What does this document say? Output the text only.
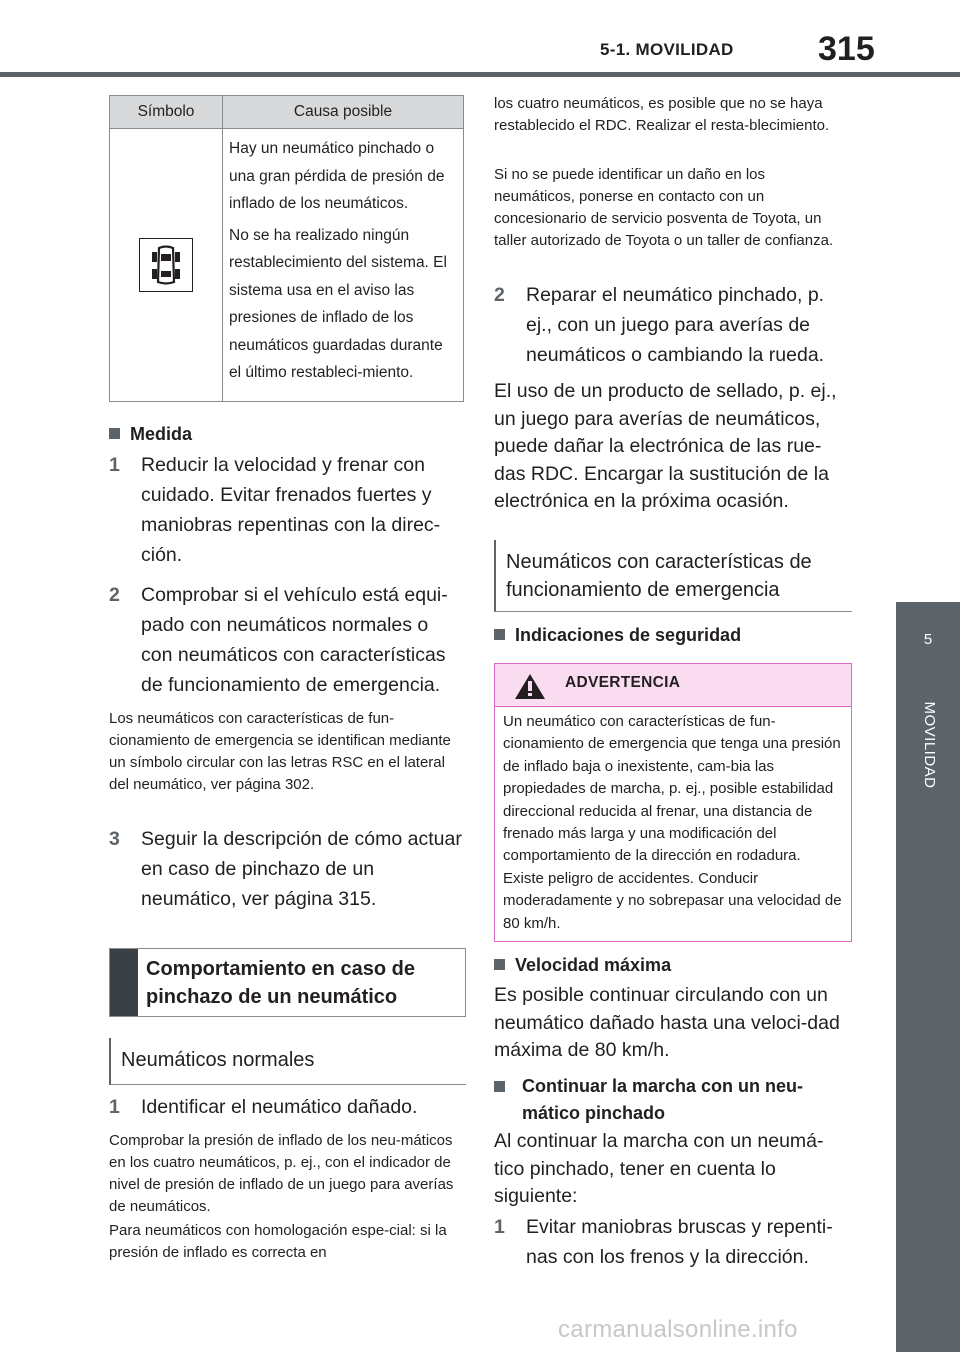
5-1. MOVILIDAD 315
5
MOVILIDAD
Símbolo	Causa posible

Hay un neumático pinchado o una gran pérdida de presión de inflado de los neumáticos.

No se ha realizado ningún restablecimiento del sistema. El sistema usa en el aviso las presiones de inflado de los neumáticos guardadas durante el último restableci-miento.

Medida
1 Reducir la velocidad y frenar con cuidado. Evitar frenados fuertes y maniobras repentinas con la direc-ción.
2 Comprobar si el vehículo está equi-pado con neumáticos normales o con neumáticos con características de funcionamiento de emergencia.
Los neumáticos con características de fun-cionamiento de emergencia se identifican mediante un símbolo circular con las letras RSC en el lateral del neumático, ver página 302.
3 Seguir la descripción de cómo actuar en caso de pinchazo de un neumático, ver página 315.
Comportamiento en caso de pinchazo de un neumático
Neumáticos normales
1 Identificar el neumático dañado.
Comprobar la presión de inflado de los neu-máticos en los cuatro neumáticos, p. ej., con el indicador de nivel de presión de inflado de un juego para averías de neumáticos.
Para neumáticos con homologación espe-cial: si la presión de inflado es correcta en
los cuatro neumáticos, es posible que no se haya restablecido el RDC. Realizar el resta-blecimiento.
Si no se puede identificar un daño en los neumáticos, ponerse en contacto con un concesionario de servicio posventa de Toyota, un taller autorizado de Toyota o un taller de confianza.
2 Reparar el neumático pinchado, p. ej., con un juego para averías de neumáticos o cambiando la rueda.
El uso de un producto de sellado, p. ej., un juego para averías de neumáticos, puede dañar la electrónica de las rue-das RDC. Encargar la sustitución de la electrónica en la próxima ocasión.
Neumáticos con características de funcionamiento de emergencia
Indicaciones de seguridad
ADVERTENCIA
Un neumático con características de fun-cionamiento de emergencia que tenga una presión de inflado baja o inexistente, cam-bia las propiedades de marcha, p. ej., posible estabilidad direccional reducida al frenar, una distancia de frenado más larga y una modificación del comportamiento de la dirección en rodadura. Existe peligro de accidentes. Conducir moderadamente y no sobrepasar una velocidad de 80 km/h.
Velocidad máxima
Es posible continuar circulando con un neumático dañado hasta una veloci-dad máxima de 80 km/h.
Continuar la marcha con un neu-mático pinchado
Al continuar la marcha con un neumá-tico pinchado, tener en cuenta lo siguiente:
1 Evitar maniobras bruscas y repenti-nas con los frenos y la dirección.
carmanualsonline.info
